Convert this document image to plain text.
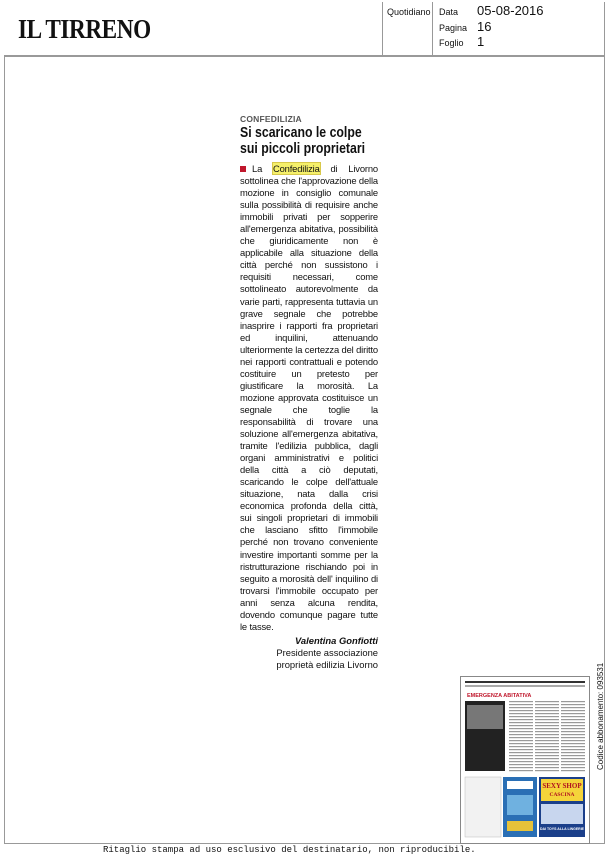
IL TIRRENO
Quotidiano Data 05-08-2016
Pagina 16
Foglio 1
CONFEDILIZIA
Si scaricano le colpe
sui piccoli proprietari
La Confedilizia di Livorno sottolinea che l'approvazione della mozione in consiglio comunale sulla possibilità di requisire anche immobili privati per sopperire all'emergenza abitativa, possibilità che giuridicamente non è applicabile alla situazione della città perché non sussistono i requisiti necessari, come sottolineato autorevolmente da varie parti, rappresenta tuttavia un grave segnale che potrebbe inasprire i rapporti fra proprietari ed inquilini, attenuando ulteriormente la certezza del diritto nei rapporti contrattuali e potendo costituire un pretesto per giustificare la morosità. La mozione approvata costituisce un segnale che toglie la responsabilità di trovare una soluzione all'emergenza abitativa, tramite l'edilizia pubblica, dagli organi amministrativi e politici della città a ciò deputati, scaricando le colpe dell'attuale situazione, nata dalla crisi economica profonda della città, sui singoli proprietari di immobili che lasciano sfitto l'immobile perché non trovano conveniente investire importanti somme per la ristrutturazione rischiando poi in seguito a morosità dell' inquilino di trovarsi l'immobile occupato per anni senza alcuna rendita, dovendo comunque pagare tutte le tasse.
Valentina Gonfiotti
Presidente associazione
proprietà edilizia Livorno
EMERGENZA ABITATIVA
SEXY SHOP
CASCINA
DAI TOYS ALLA LINGERIE
Codice abbonamento: 093531
Ritaglio stampa ad uso esclusivo del destinatario, non riproducibile.
